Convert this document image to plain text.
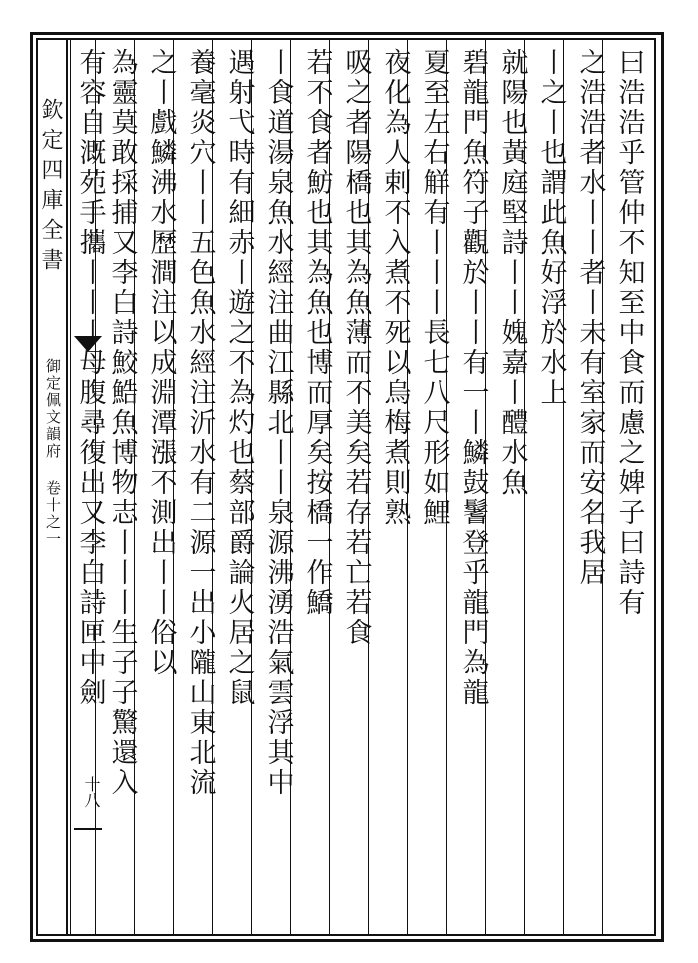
欽定四庫全書
御定佩文韻府 卷十之一
十八
曰浩浩乎管仲不知至中食而慮之婢子曰詩有
之浩浩者水丨丨者丨未有室家而安名我居
丨之丨也謂此魚好浮於水上
就陽也黃庭堅詩丨丨媿嘉丨醴水魚
碧龍門魚符子觀於丨丨有一丨鱗鼓鬐登乎龍門為龍
夏至左右觧有丨丨丨長七八尺形如鯉
夜化為人剌不入煮不死以烏梅煮則熟
吸之者陽橋也其為魚薄而不美矣若存若亡若食
若不食者魴也其為魚也博而厚矣按橋一作鱎
丨食道湯泉魚水經注曲江縣北丨丨泉源沸湧浩氣雲浮其中
遇射弋時有細赤丨遊之不為灼也蔡部爵論火居之鼠
養毫炎穴丨丨五色魚水經注沂水有二源一出小隴山東北流
之丨戲鱗沸水歷澗注以成淵潭漲不測出丨丨俗以
為靈莫敢採捕又李白詩鮫鯌魚博物志丨丨丨生子子驚還入
有容自溉苑手攜丨丨丨母腹尋復出又李白詩匣中劍
